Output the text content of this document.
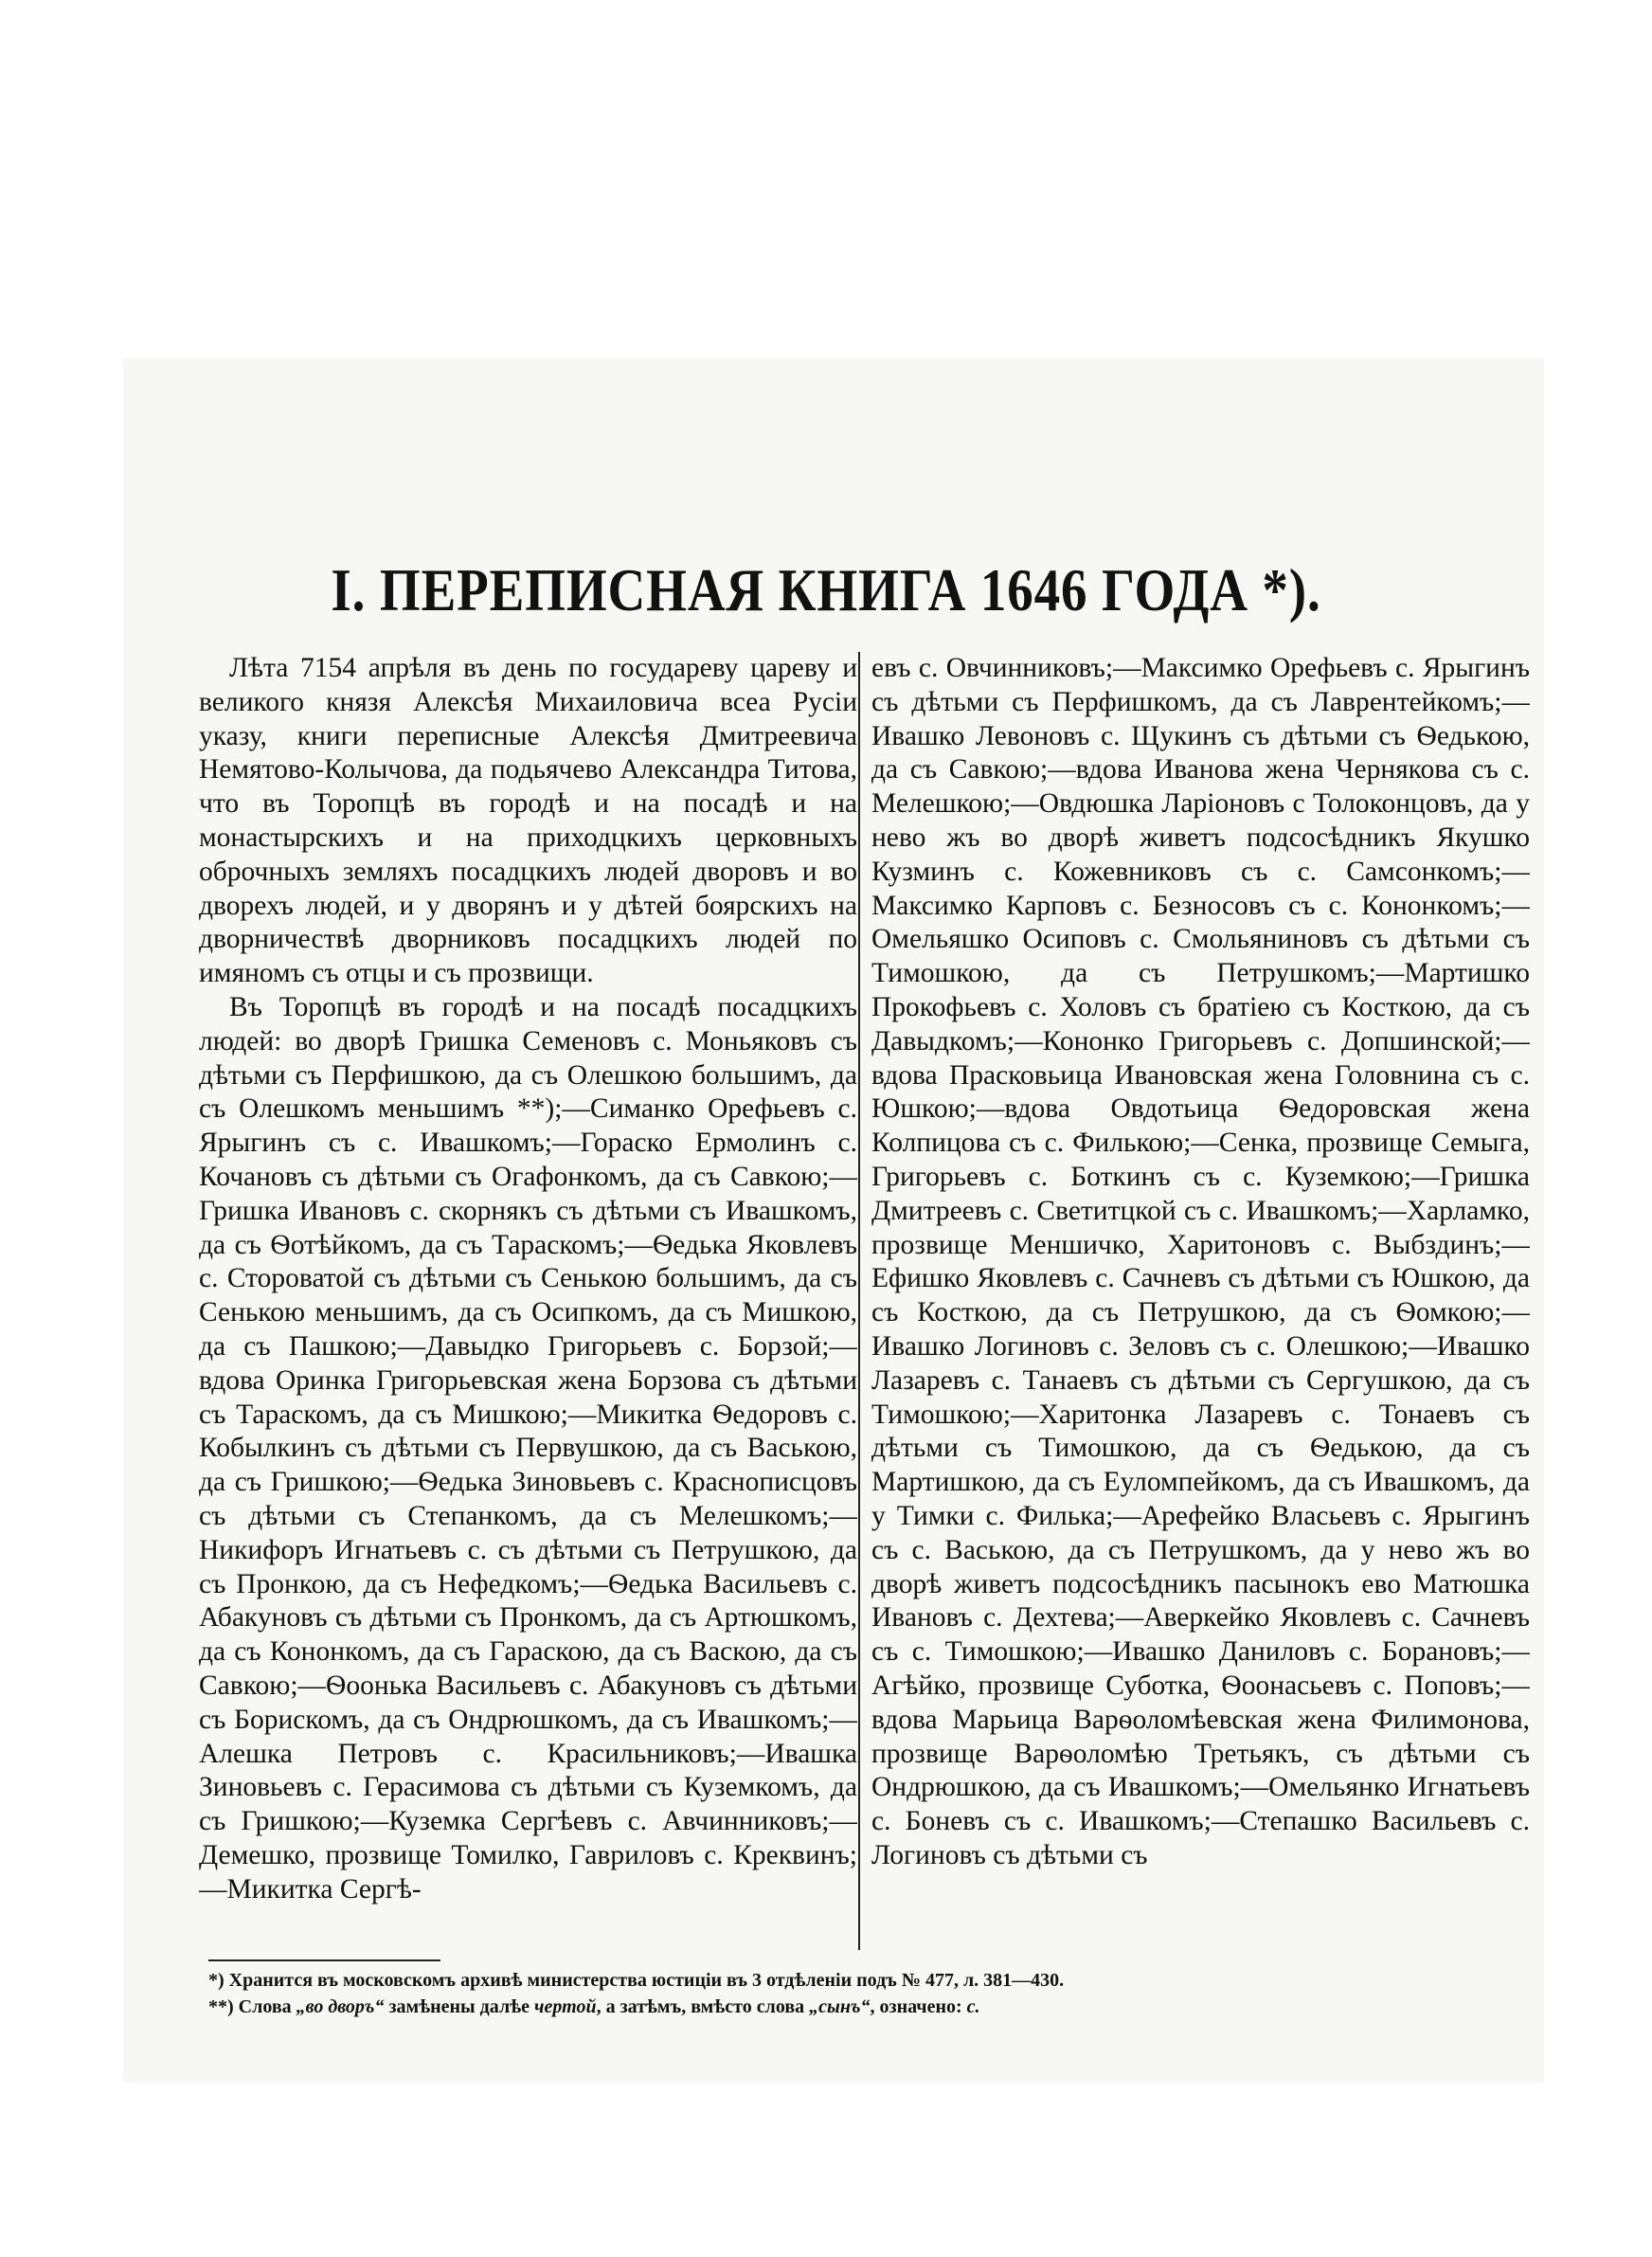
I. ПЕРЕПИСНАЯ КНИГА 1646 ГОДА *).

Лѣта 7154 апрѣля въ день по государеву цареву и великого князя Алексѣя Михаиловича всеа Русіи указу, книги переписные Алексѣя Дмитреевича Немятово-Колычова, да подьячево Александра Титова, что въ Торопцѣ въ городѣ и на посадѣ и на монастырскихъ и на приходцкихъ церковныхъ оброчныхъ земляхъ посадцкихъ людей дворовъ и во дворехъ людей, и у дворянъ и у дѣтей боярскихъ на дворничествѣ дворниковъ посадцкихъ людей по имяномъ съ отцы и съ прозвищи.

Въ Торопцѣ въ городѣ и на посадѣ посадцкихъ людей: во дворѣ Гришка Семеновъ с. Моньяковъ съ дѣтьми съ Перфишкою, да съ Олешкою большимъ, да съ Олешкомъ меньшимъ **);—Симанко Орефьевъ с. Ярыгинъ съ с. Ивашкомъ;—Гораско Ермолинъ с. Кочановъ съ дѣтьми съ Огафонкомъ, да съ Савкою;—Гришка Ивановъ с. скорнякъ съ дѣтьми съ Ивашкомъ, да съ Ѳотѣйкомъ, да съ Тараскомъ;—Ѳедька Яковлевъ с. Стороватой съ дѣтьми съ Сенькою большимъ, да съ Сенькою меньшимъ, да съ Осипкомъ, да съ Мишкою, да съ Пашкою;—Давыдко Григорьевъ с. Борзой;—вдова Оринка Григорьевская жена Борзова съ дѣтьми съ Тараскомъ, да съ Мишкою;—Микитка Ѳедоровъ с. Кобылкинъ съ дѣтьми съ Первушкою, да съ Ваською, да съ Гришкою;—Ѳедька Зиновьевъ с. Краснописцовъ съ дѣтьми съ Степанкомъ, да съ Мелешкомъ;—Никифоръ Игнатьевъ с. съ дѣтьми съ Петрушкою, да съ Пронкою, да съ Нефедкомъ;—Ѳедька Васильевъ с. Абакуновъ съ дѣтьми съ Пронкомъ, да съ Артюшкомъ, да съ Кононкомъ, да съ Гараскою, да съ Васкою, да съ Савкою;—Ѳоонька Васильевъ с. Абакуновъ съ дѣтьми съ Борискомъ, да съ Ондрюшкомъ, да съ Ивашкомъ;—Алешка Петровъ с. Красильниковъ;—Ивашка Зиновьевъ с. Герасимова съ дѣтьми съ Куземкомъ, да съ Гришкою;—Куземка Сергѣевъ с. Авчинниковъ;—Демешко, прозвище Томилко, Гавриловъ с. Креквинъ;—Микитка Сергѣ-

евъ с. Овчинниковъ;—Максимко Орефьевъ с. Ярыгинъ съ дѣтьми съ Перфишкомъ, да съ Лаврентейкомъ;—Ивашко Левоновъ с. Щукинъ съ дѣтьми съ Ѳедькою, да съ Савкою;—вдова Иванова жена Чернякова съ с. Мелешкою;—Овдюшка Ларіоновъ с Толоконцовъ, да у нево жъ во дворѣ живетъ подсосѣдникъ Якушко Кузминъ с. Кожевниковъ съ с. Самсонкомъ;—Максимко Карповъ с. Безносовъ съ с. Кононкомъ;—Омельяшко Осиповъ с. Смольяниновъ съ дѣтьми съ Тимошкою, да съ Петрушкомъ;—Мартишко Прокофьевъ с. Холовъ съ братіею съ Косткою, да съ Давыдкомъ;—Кононко Григорьевъ с. Допшинской;—вдова Прасковьица Ивановская жена Головнина съ с. Юшкою;—вдова Овдотьица Ѳедоровская жена Колпицова съ с. Филькою;—Сенка, прозвище Семыга, Григорьевъ с. Боткинъ съ с. Куземкою;—Гришка Дмитреевъ с. Светитцкой съ с. Ивашкомъ;—Харламко, прозвище Меншичко, Харитоновъ с. Выбздинъ;—Ефишко Яковлевъ с. Сачневъ съ дѣтьми съ Юшкою, да съ Косткою, да съ Петрушкою, да съ Ѳомкою;—Ивашко Логиновъ с. Зеловъ съ с. Олешкою;—Ивашко Лазаревъ с. Танаевъ съ дѣтьми съ Сергушкою, да съ Тимошкою;—Харитонка Лазаревъ с. Тонаевъ съ дѣтьми съ Тимошкою, да съ Ѳедькою, да съ Мартишкою, да съ Еуломпейкомъ, да съ Ивашкомъ, да у Тимки с. Филька;—Арефейко Власьевъ с. Ярыгинъ съ с. Ваською, да съ Петрушкомъ, да у нево жъ во дворѣ живетъ подсосѣдникъ пасынокъ ево Матюшка Ивановъ с. Дехтева;—Аверкейко Яковлевъ с. Сачневъ съ с. Тимошкою;—Ивашко Даниловъ с. Борановъ;—Агѣйко, прозвище Суботка, Ѳоонасьевъ с. Поповъ;—вдова Марьица Варѳоломѣевская жена Филимонова, прозвище Варѳоломѣю Третьякъ, съ дѣтьми съ Ондрюшкою, да съ Ивашкомъ;—Омельянко Игнатьевъ с. Боневъ съ с. Ивашкомъ;—Степашко Васильевъ с. Логиновъ съ дѣтьми съ

*) Хранится въ московскомъ архивѣ министерства юстиціи въ 3 отдѣленіи подъ № 477, л. 381—430.
**) Слова „во дворъ“ замѣнены далѣе чертой, а затѣмъ, вмѣсто слова „сынъ“, означено: с.
